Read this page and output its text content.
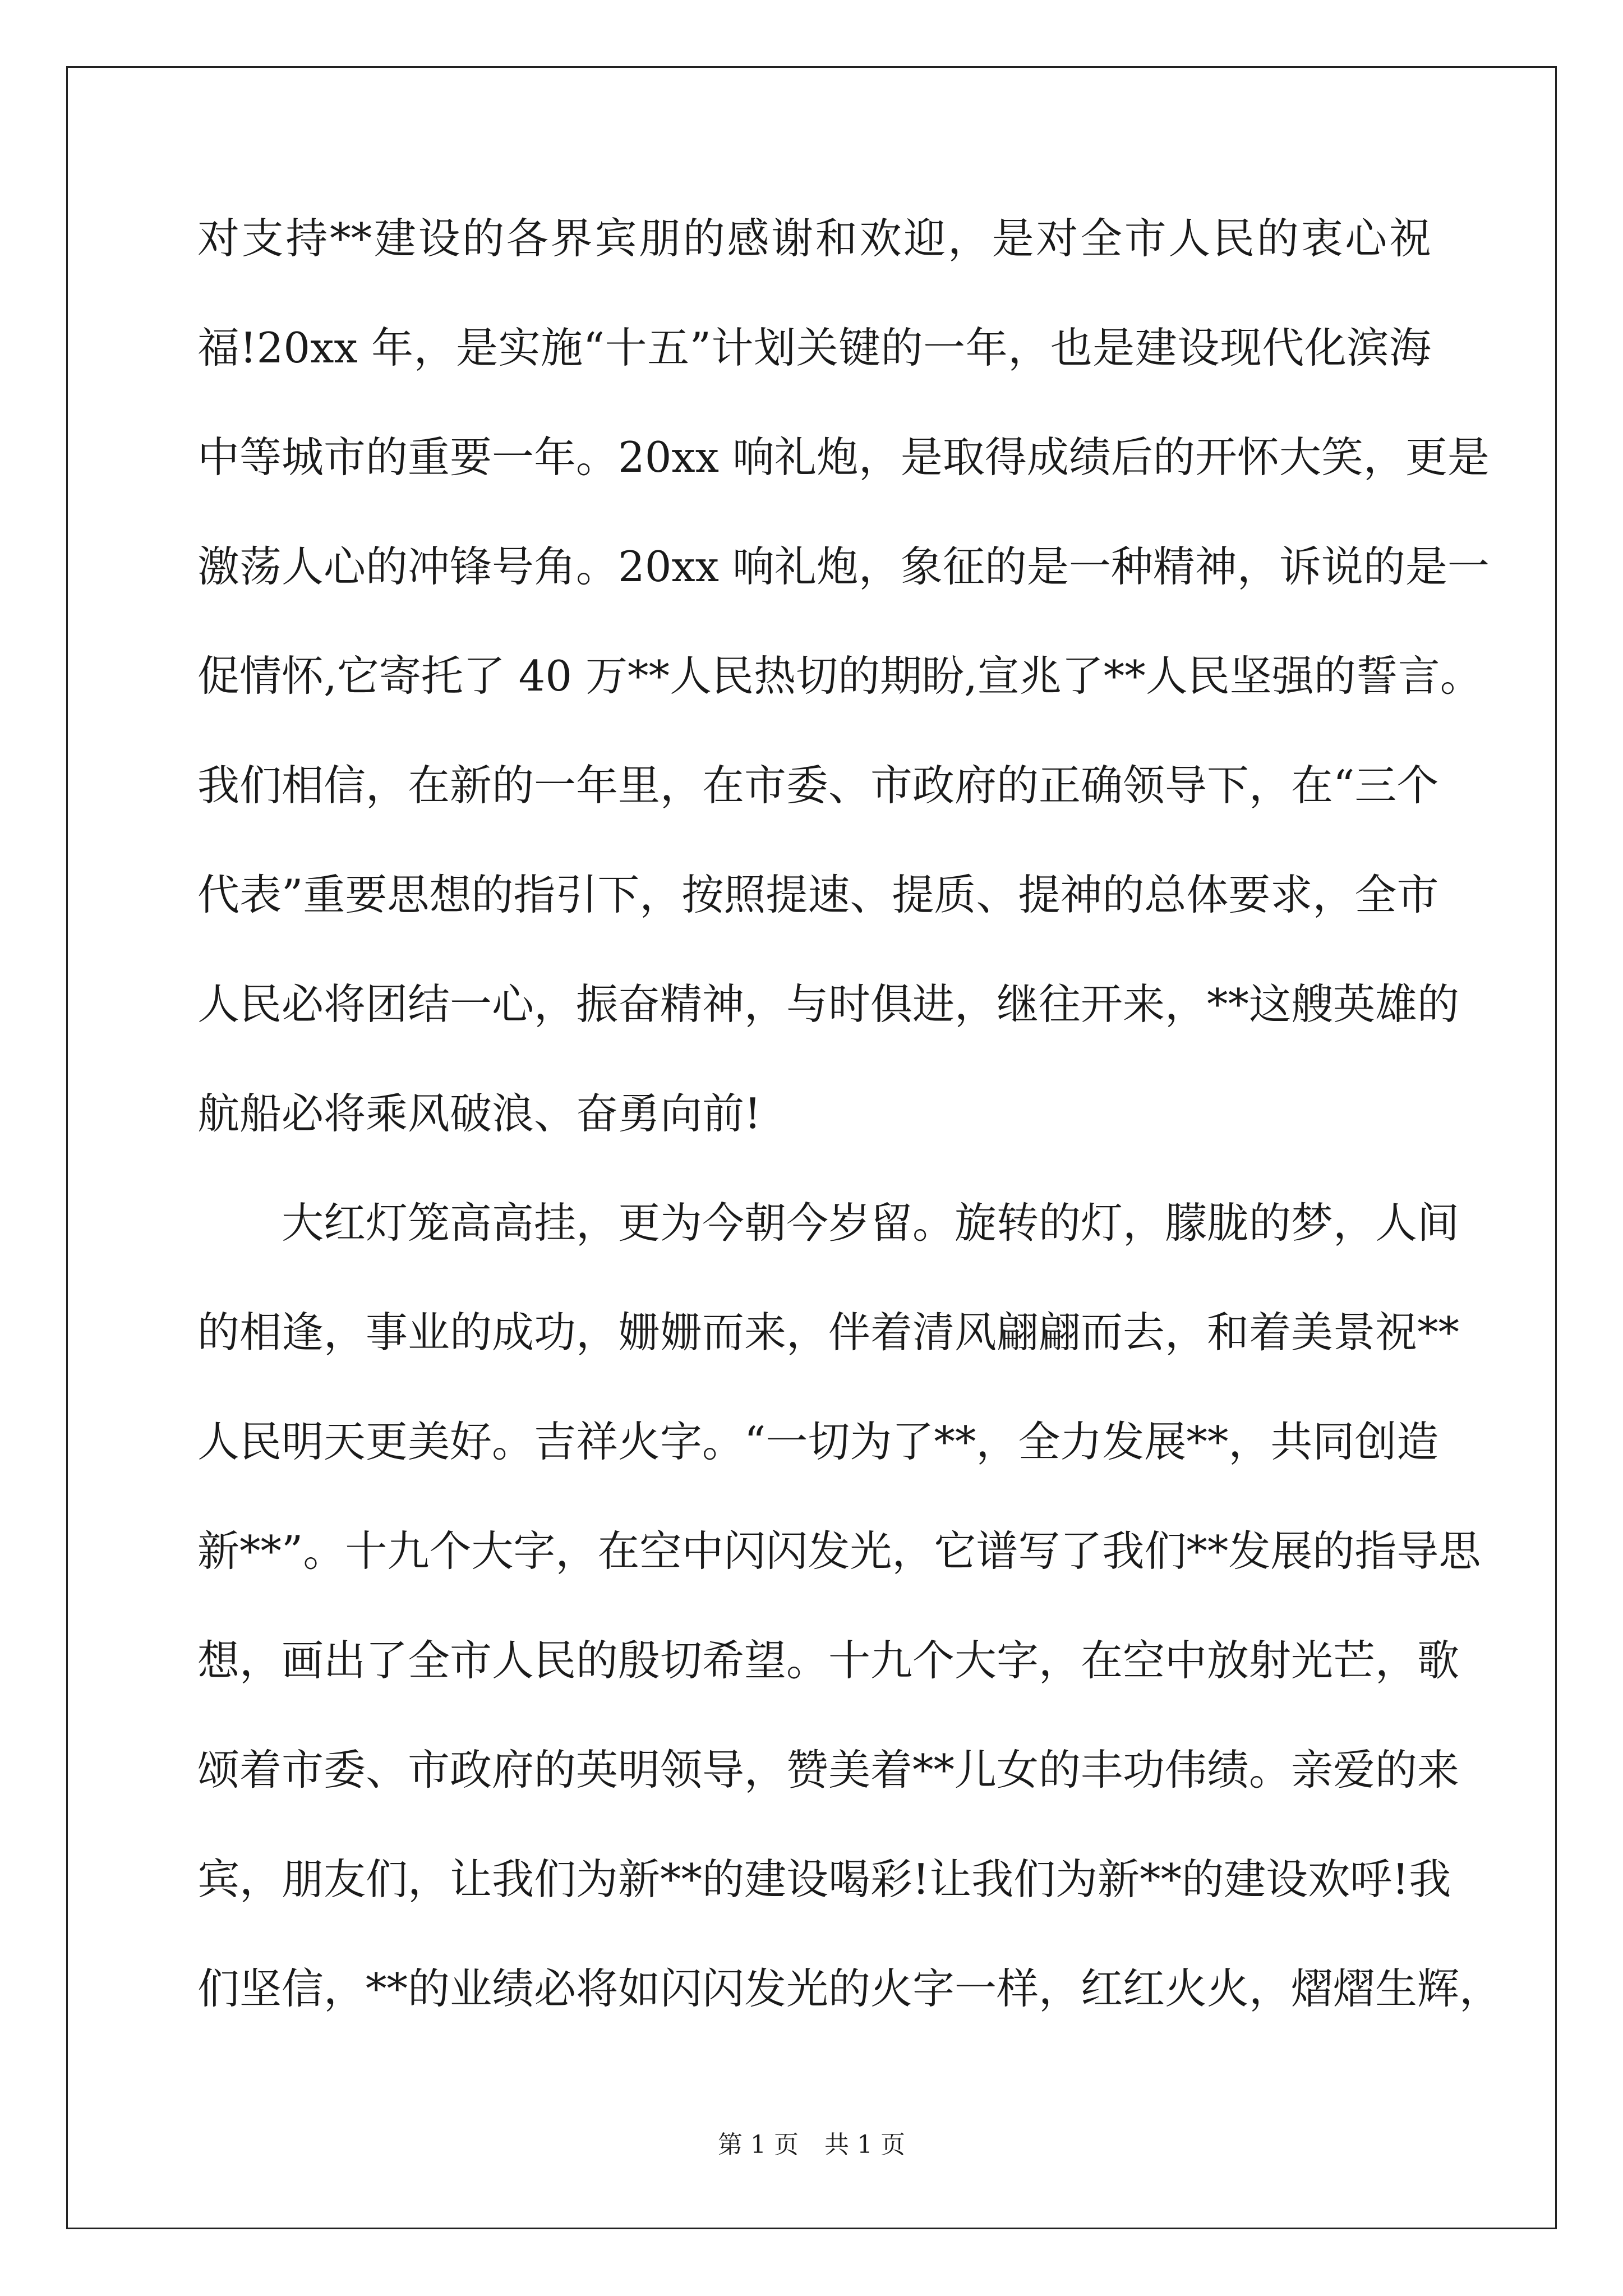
对支持**建设的各界宾朋的感谢和欢迎，是对全市人民的衷心祝
福!20xx 年，是实施“十五”计划关键的一年，也是建设现代化滨海
中等城市的重要一年。20xx 响礼炮，是取得成绩后的开怀大笑，更是
激荡人心的冲锋号角。20xx 响礼炮，象征的是一种精神，诉说的是一
促情怀,它寄托了 40 万**人民热切的期盼,宣兆了**人民坚强的誓言。
我们相信，在新的一年里，在市委、市政府的正确领导下，在“三个
代表”重要思想的指引下，按照提速、提质、提神的总体要求，全市
人民必将团结一心，振奋精神，与时俱进，继往开来，**这艘英雄的
航船必将乘风破浪、奋勇向前!
大红灯笼高高挂，更为今朝今岁留。旋转的灯，朦胧的梦，人间
的相逢，事业的成功，姗姗而来，伴着清风翩翩而去，和着美景祝**
人民明天更美好。吉祥火字。“一切为了**，全力发展**，共同创造
新**”。十九个大字，在空中闪闪发光，它谱写了我们**发展的指导思
想，画出了全市人民的殷切希望。十九个大字，在空中放射光芒，歌
颂着市委、市政府的英明领导，赞美着**儿女的丰功伟绩。亲爱的来
宾，朋友们，让我们为新**的建设喝彩!让我们为新**的建设欢呼!我
们坚信，**的业绩必将如闪闪发光的火字一样，红红火火，熠熠生辉，
第 1 页 共 1 页
